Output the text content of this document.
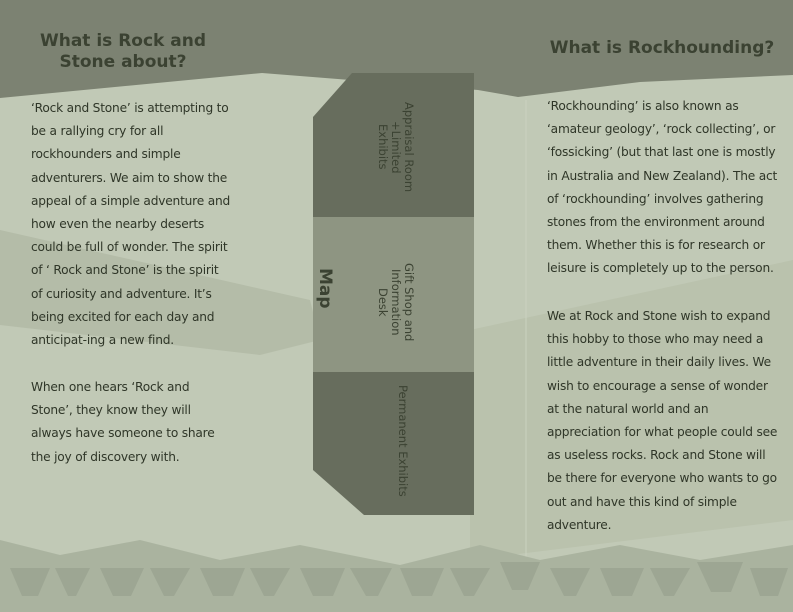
What is Rock and Stone about?

‘Rock and Stone’ is attempting to be a rallying cry for all rockhounders and simple adventurers. We aim to show the appeal of a simple adventure and how even the nearby deserts could be full of wonder. The spirit of ‘ Rock and Stone’ is the spirit of curiosity and adventure. It’s being excited for each day and anticipat-ing a new find.

When one hears ‘Rock and Stone’, they know they will always have someone to share the joy of discovery with.

Map
Appraisal Room
+Limited Exhibits
Gift Shop and
Information Desk
Permanent Exhibits
What is Rockhounding?

‘Rockhounding’ is also known as ‘amateur geology’, ‘rock collecting’, or ‘fossicking’ (but that last one is mostly in Australia and New Zealand). The act of ‘rockhounding’ involves gathering stones from the environment around them. Whether this is for research or leisure is completely up to the person.

We at Rock and Stone wish to expand this hobby to those who may need a little adventure in their daily lives. We wish to encourage a sense of wonder at the natural world and an appreciation for what people could see as useless rocks. Rock and Stone will be there for everyone who wants to go out and have this kind of simple adventure.
